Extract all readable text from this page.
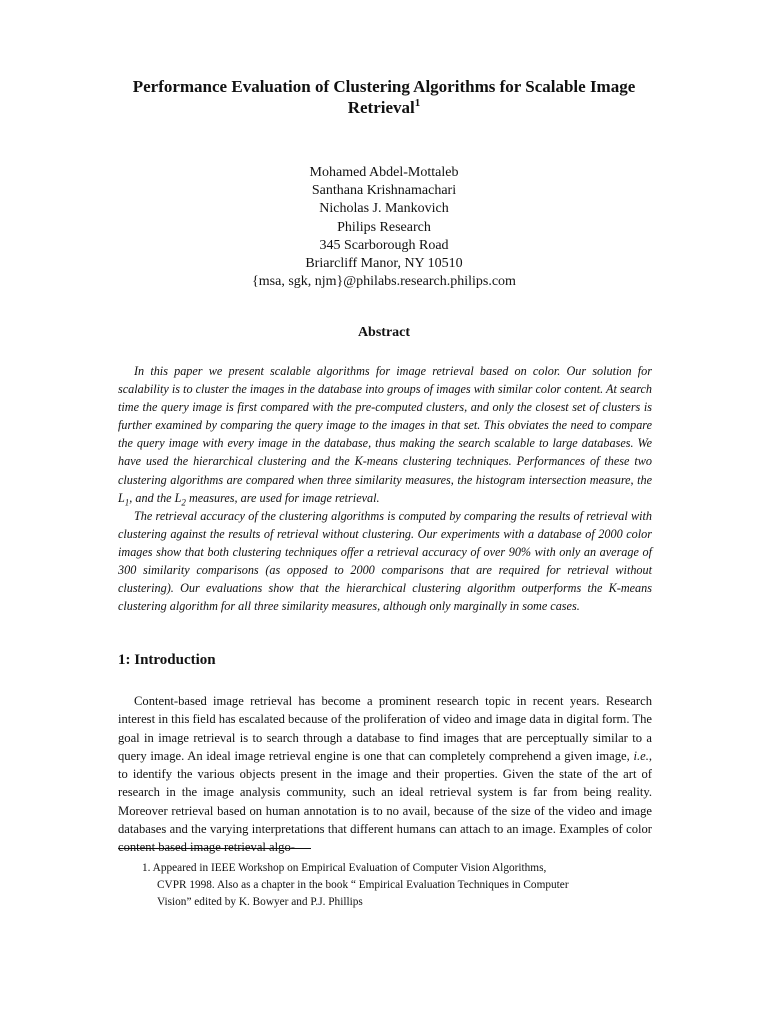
Performance Evaluation of Clustering Algorithms for Scalable Image
Retrieval$^1$
Mohamed Abdel-Mottaleb
Santhana Krishnamachari
Nicholas J. Mankovich
Philips Research
345 Scarborough Road
Briarcliff Manor, NY 10510
{msa, sgk, njm}@philabs.research.philips.com
Abstract

In this paper we present scalable algorithms for image retrieval based on color. Our solution for scalability is to cluster the images in the database into groups of images with similar color content. At search time the query image is first compared with the pre-computed clusters, and only the closest set of clusters is further examined by comparing the query image to the images in that set. This obviates the need to compare the query image with every image in the database, thus making the search scalable to large databases. We have used the hierarchical clustering and the K-means clustering techniques. Performances of these two clustering algorithms are compared when three similarity measures, the histogram intersection measure, the $L_1$, and the $L_2$ measures, are used for image retrieval.

The retrieval accuracy of the clustering algorithms is computed by comparing the results of retrieval with clustering against the results of retrieval without clustering. Our experiments with a database of 2000 color images show that both clustering techniques offer a retrieval accuracy of over 90% with only an average of 300 similarity comparisons (as opposed to 2000 comparisons that are required for retrieval without clustering). Our evaluations show that the hierarchical clustering algorithm outperforms the K-means clustering algorithm for all three similarity measures, although only marginally in some cases.

1: Introduction

Content-based image retrieval has become a prominent research topic in recent years. Research interest in this field has escalated because of the proliferation of video and image data in digital form. The goal in image retrieval is to search through a database to find images that are perceptually similar to a query image. An ideal image retrieval engine is one that can completely comprehend a given image, i.e., to identify the various objects present in the image and their properties. Given the state of the art of research in the image analysis community, such an ideal retrieval system is far from being reality. Moreover retrieval based on human annotation is to no avail, because of the size of the video and image databases and the varying interpretations that different humans can attach to an image. Examples of color content based image retrieval algo-

1. Appeared in IEEE Workshop on Empirical Evaluation of Computer Vision Algorithms,
CVPR 1998. Also as a chapter in the book “ Empirical Evaluation Techniques in Computer
Vision” edited by K. Bowyer and P.J. Phillips
